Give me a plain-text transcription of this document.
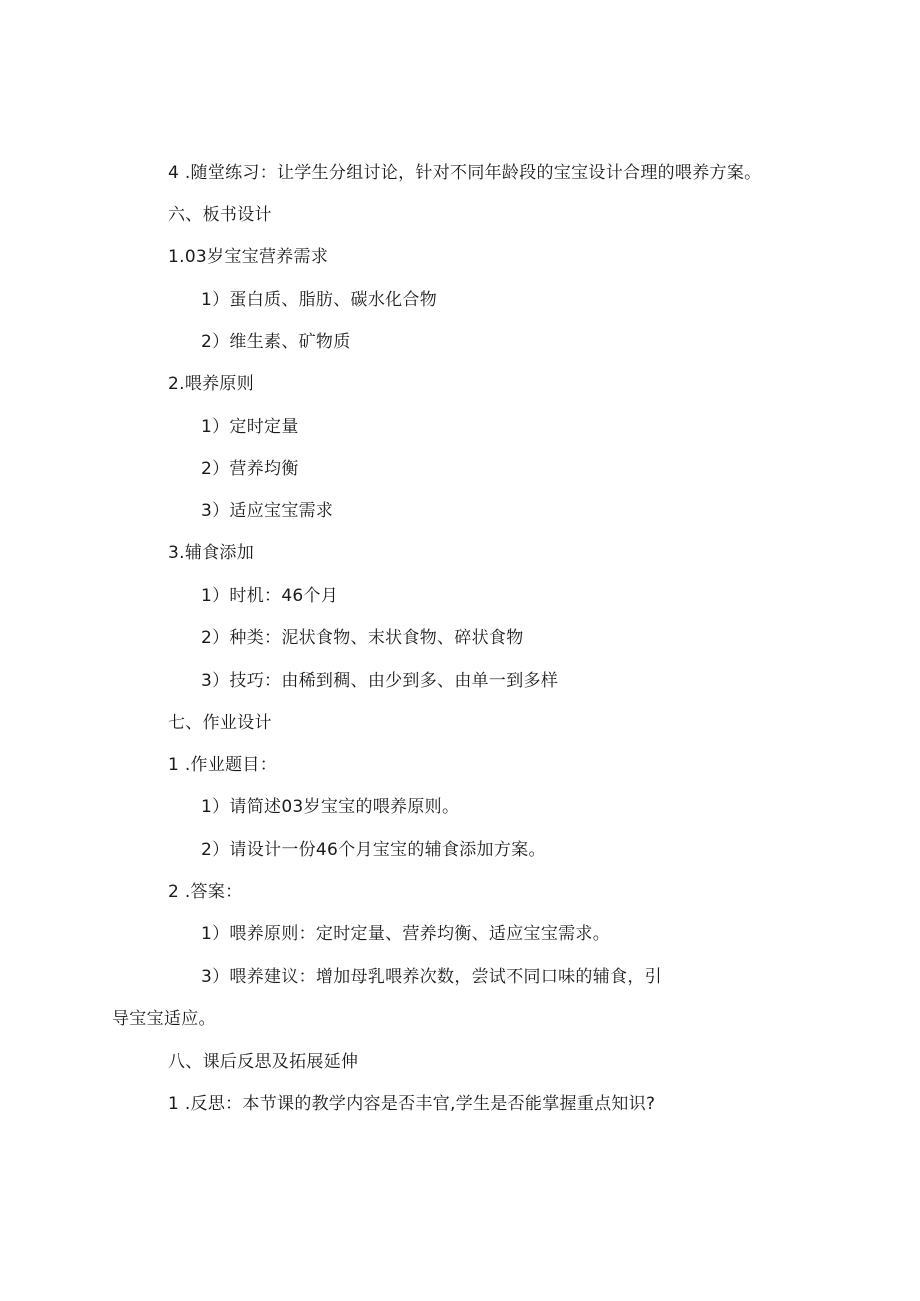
4 .随堂练习：让学生分组讨论，针对不同年龄段的宝宝设计合理的喂养方案。
六、板书设计
1.03岁宝宝营养需求
1）蛋白质、脂肪、碳水化合物
2）维生素、矿物质
2.喂养原则
1）定时定量
2）营养均衡
3）适应宝宝需求
3.辅食添加
1）时机：46个月
2）种类：泥状食物、末状食物、碎状食物
3）技巧：由稀到稠、由少到多、由单一到多样
七、作业设计
1 .作业题目：
1）请简述03岁宝宝的喂养原则。
2）请设计一份46个月宝宝的辅食添加方案。
2 .答案：
1）喂养原则：定时定量、营养均衡、适应宝宝需求。
3）喂养建议：增加母乳喂养次数，尝试不同口味的辅食，引
导宝宝适应。
八、课后反思及拓展延伸
1 .反思：本节课的教学内容是否丰官,学生是否能掌握重点知识?
